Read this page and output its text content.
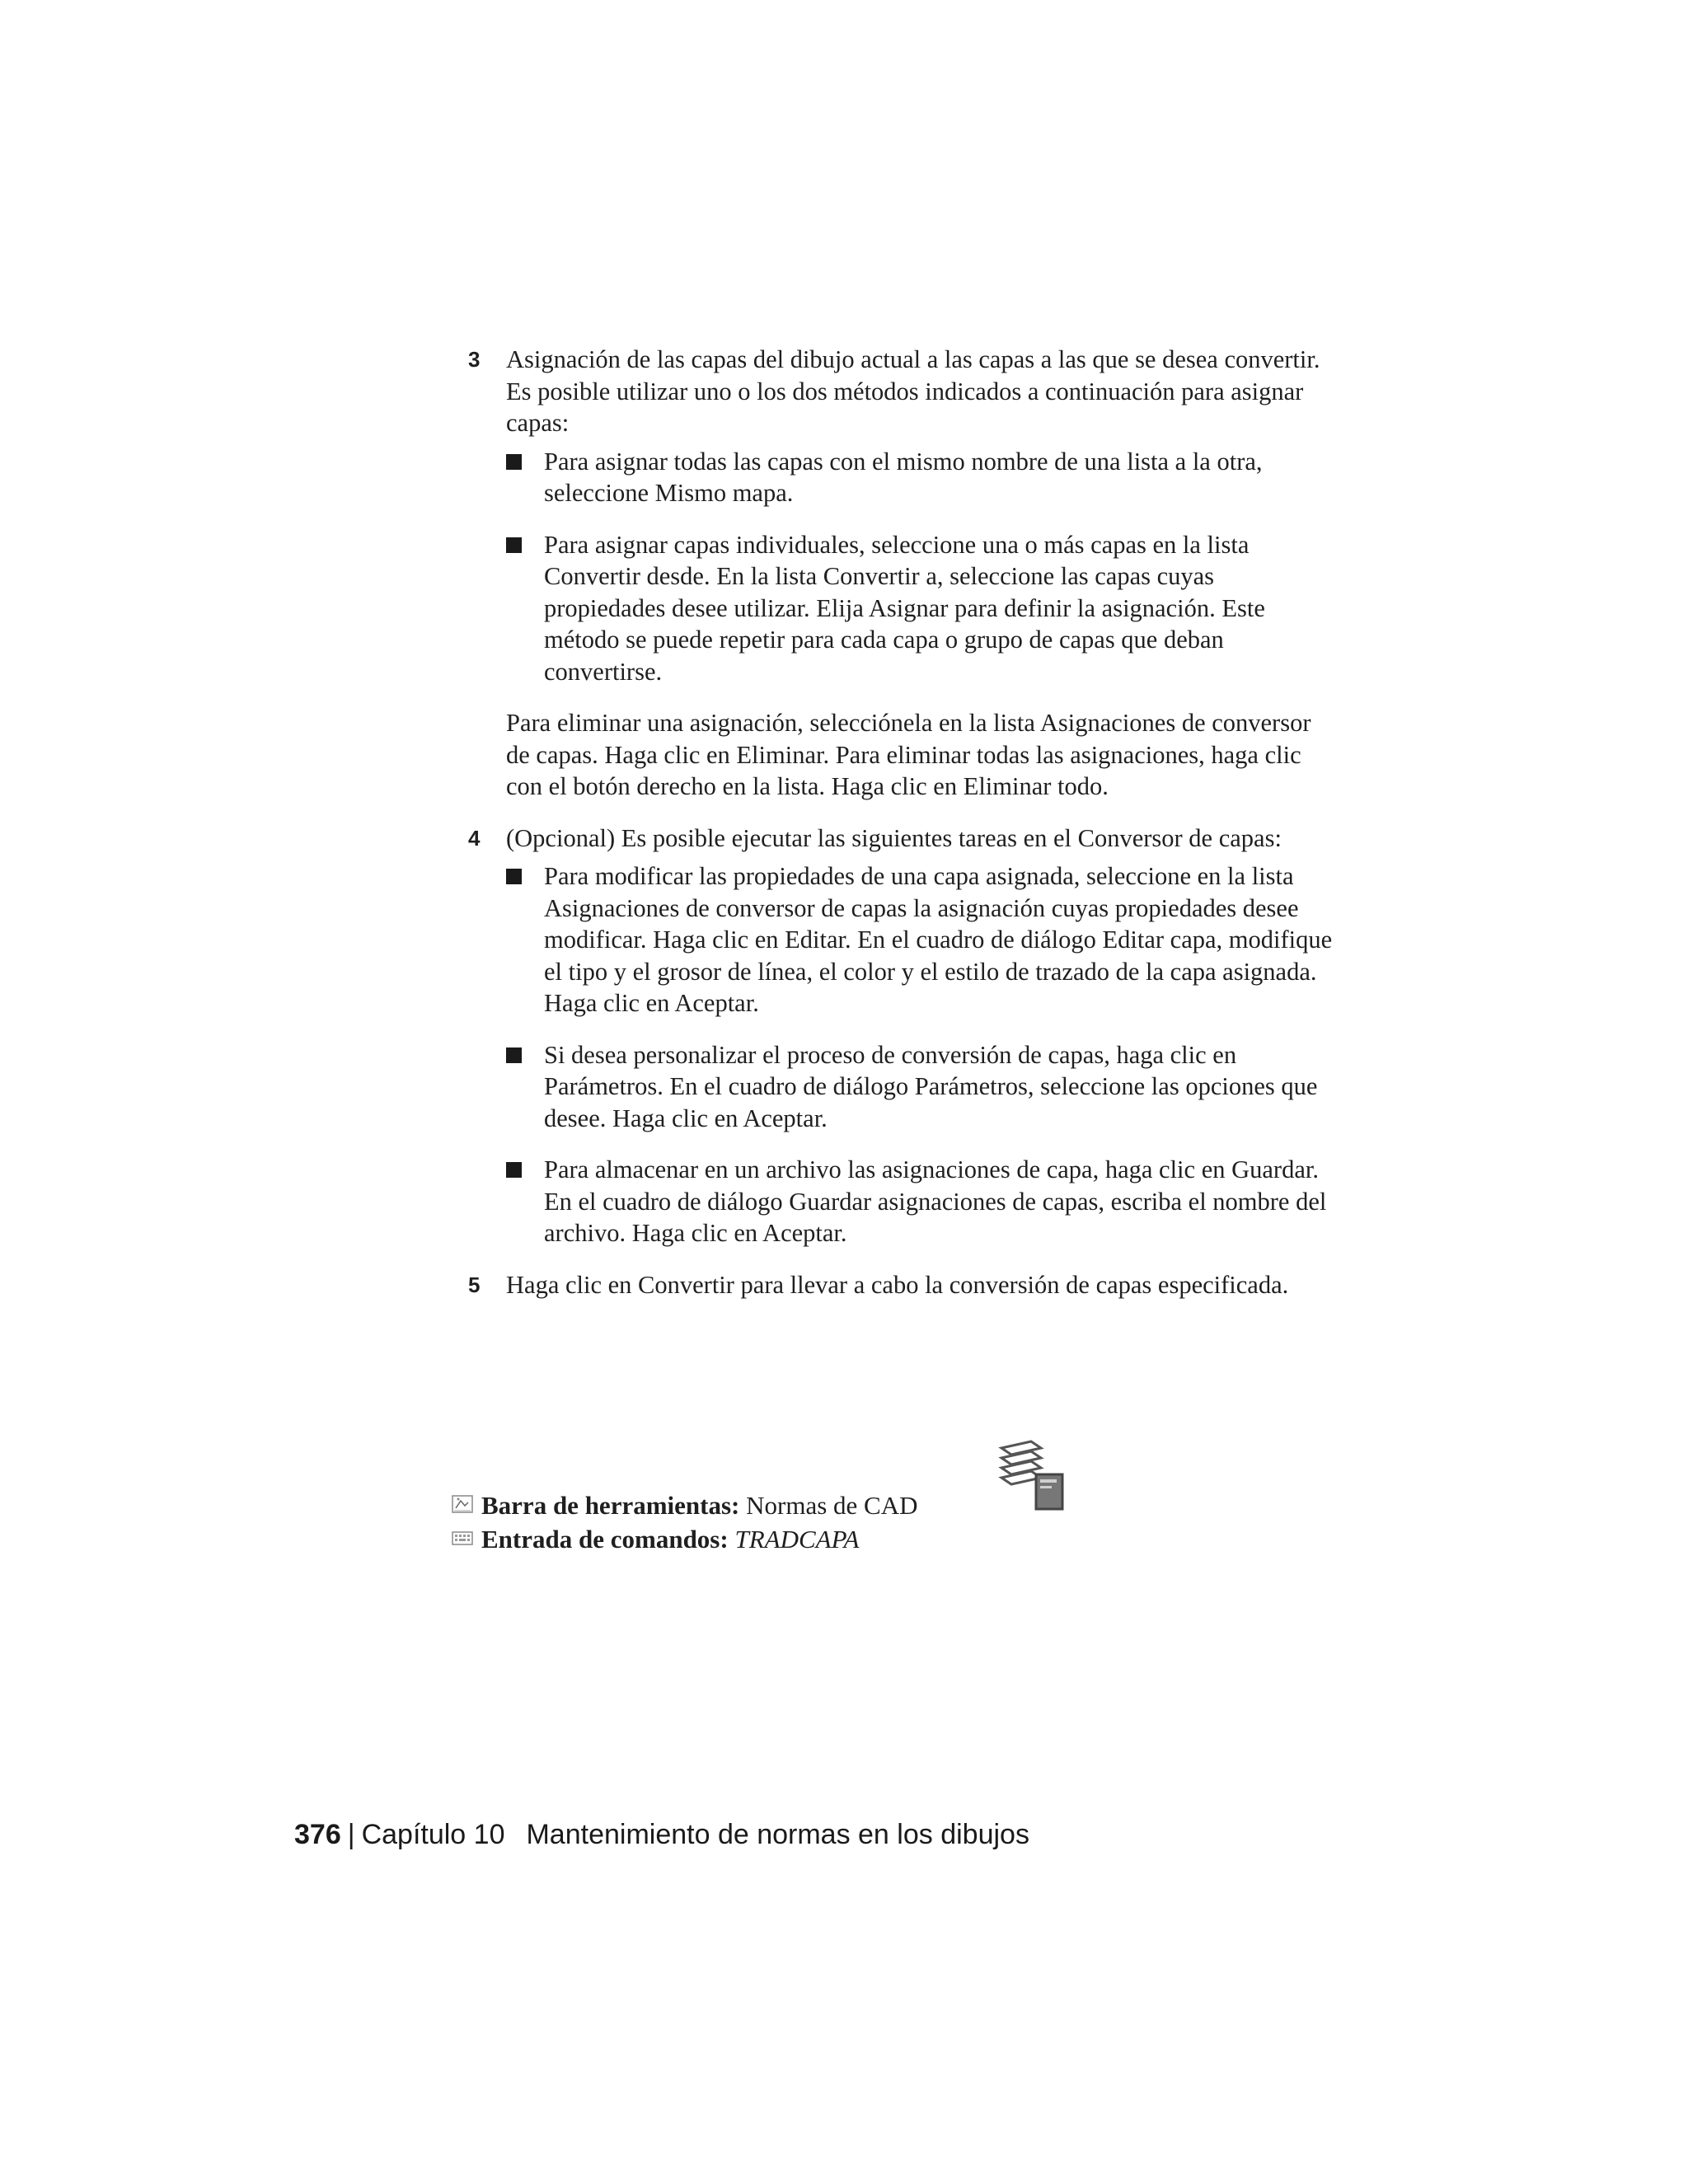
3	Asignación de las capas del dibujo actual a las capas a las que se desea convertir. Es posible utilizar uno o los dos métodos indicados a continuación para asignar capas:

Para asignar todas las capas con el mismo nombre de una lista a la otra, seleccione Mismo mapa.
Para asignar capas individuales, seleccione una o más capas en la lista Convertir desde. En la lista Convertir a, seleccione las capas cuyas propiedades desee utilizar. Elija Asignar para definir la asignación. Este método se puede repetir para cada capa o grupo de capas que deban convertirse.

Para eliminar una asignación, selecciónela en la lista Asignaciones de conversor de capas. Haga clic en Eliminar. Para eliminar todas las asignaciones, haga clic con el botón derecho en la lista. Haga clic en Eliminar todo.

4	(Opcional) Es posible ejecutar las siguientes tareas en el Conversor de capas:

Para modificar las propiedades de una capa asignada, seleccione en la lista Asignaciones de conversor de capas la asignación cuyas propiedades desee modificar. Haga clic en Editar. En el cuadro de diálogo Editar capa, modifique el tipo y el grosor de línea, el color y el estilo de trazado de la capa asignada. Haga clic en Aceptar.
Si desea personalizar el proceso de conversión de capas, haga clic en Parámetros. En el cuadro de diálogo Parámetros, seleccione las opciones que desee. Haga clic en Aceptar.
Para almacenar en un archivo las asignaciones de capa, haga clic en Guardar. En el cuadro de diálogo Guardar asignaciones de capas, escriba el nombre del archivo. Haga clic en Aceptar.
5	Haga clic en Convertir para llevar a cabo la conversión de capas especificada.

Barra de herramientas: Normas de CAD
Entrada de comandos: TRADCAPA
376 | Capítulo 10 Mantenimiento de normas en los dibujos
